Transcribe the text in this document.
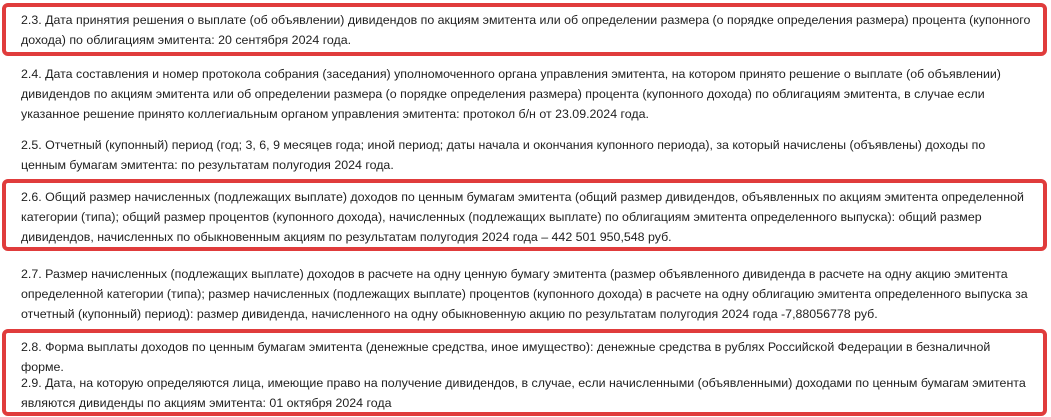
2.3. Дата принятия решения о выплате (об объявлении) дивидендов по акциям эмитента или об определении размера (о порядке определения размера) процента (купонного дохода) по облигациям эмитента: 20 сентября 2024 года.

2.4. Дата составления и номер протокола собрания (заседания) уполномоченного органа управления эмитента, на котором принято решение о выплате (об объявлении) дивидендов по акциям эмитента или об определении размера (о порядке определения размера) процента (купонного дохода) по облигациям эмитента, в случае если указанное решение принято коллегиальным органом управления эмитента: протокол б/н от 23.09.2024 года.

2.5. Отчетный (купонный) период (год; 3, 6, 9 месяцев года; иной период; даты начала и окончания купонного периода), за который начислены (объявлены) доходы по ценным бумагам эмитента: по результатам полугодия 2024 года.

2.6. Общий размер начисленных (подлежащих выплате) доходов по ценным бумагам эмитента (общий размер дивидендов, объявленных по акциям эмитента определенной категории (типа); общий размер процентов (купонного дохода), начисленных (подлежащих выплате) по облигациям эмитента определенного выпуска): общий размер дивидендов, начисленных по обыкновенным акциям по результатам полугодия 2024 года – 442 501 950,548 руб.

2.7. Размер начисленных (подлежащих выплате) доходов в расчете на одну ценную бумагу эмитента (размер объявленного дивиденда в расчете на одну акцию эмитента определенной категории (типа); размер начисленных (подлежащих выплате) процентов (купонного дохода) в расчете на одну облигацию эмитента определенного выпуска за отчетный (купонный) период): размер дивиденда, начисленного на одну обыкновенную акцию по результатам полугодия 2024 года -7,88056778 руб.

2.8. Форма выплаты доходов по ценным бумагам эмитента (денежные средства, иное имущество): денежные средства в рублях Российской Федерации в безналичной форме.

2.9. Дата, на которую определяются лица, имеющие право на получение дивидендов, в случае, если начисленными (объявленными) доходами по ценным бумагам эмитента являются дивиденды по акциям эмитента: 01 октября 2024 года
